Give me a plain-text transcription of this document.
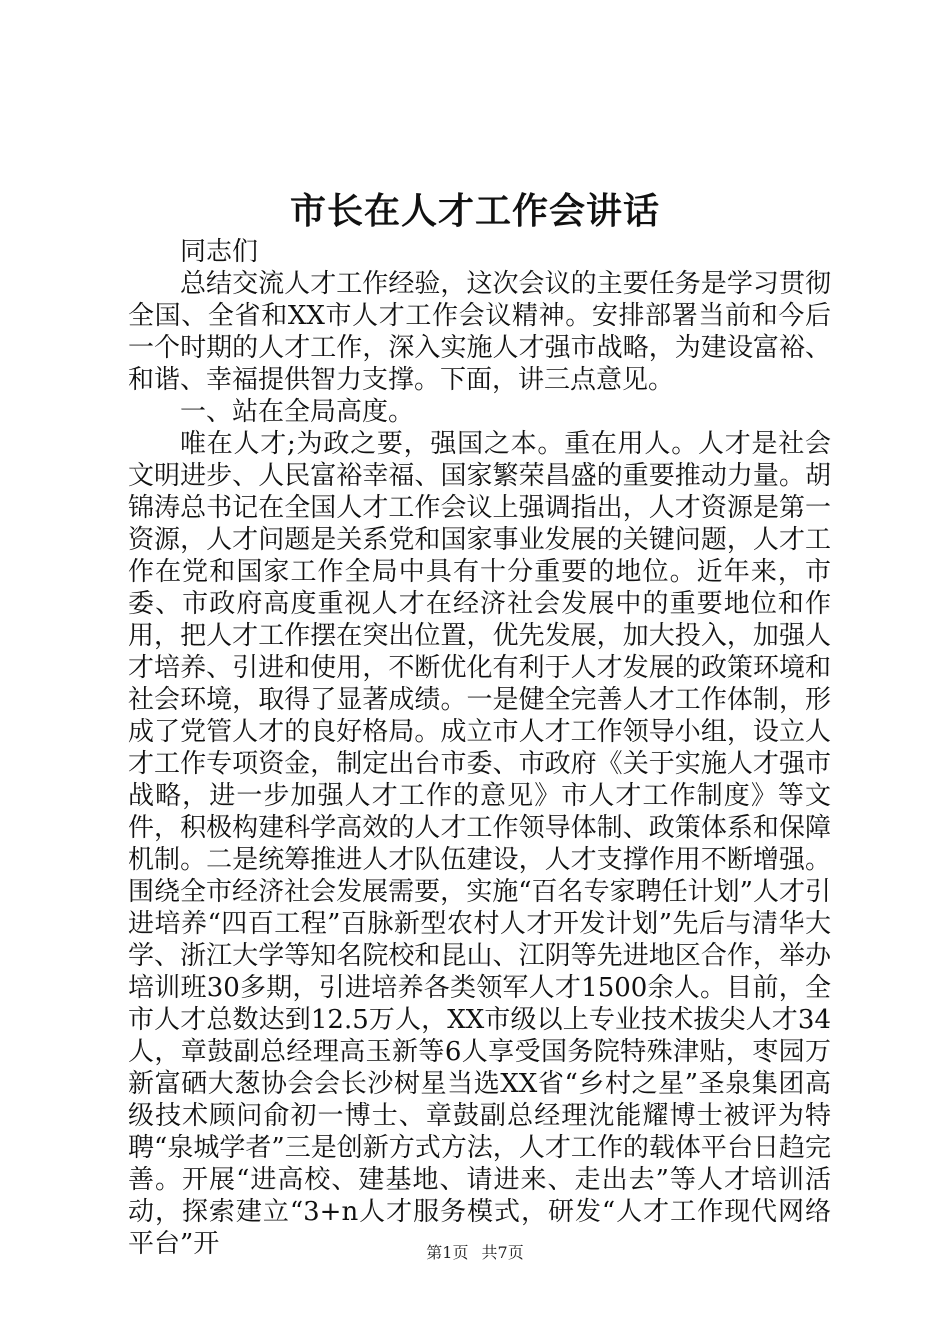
市长在人才工作会讲话

同志们

总结交流人才工作经验，这次会议的主要任务是学习贯彻全国、全省和XX市人才工作会议精神。安排部署当前和今后一个时期的人才工作，深入实施人才强市战略，为建设富裕、和谐、幸福提供智力支撑。下面，讲三点意见。

一、站在全局高度。

唯在人才;为政之要，强国之本。重在用人。人才是社会文明进步、人民富裕幸福、国家繁荣昌盛的重要推动力量。胡锦涛总书记在全国人才工作会议上强调指出，人才资源是第一资源，人才问题是关系党和国家事业发展的关键问题，人才工作在党和国家工作全局中具有十分重要的地位。近年来，市委、市政府高度重视人才在经济社会发展中的重要地位和作用，把人才工作摆在突出位置，优先发展，加大投入，加强人才培养、引进和使用，不断优化有利于人才发展的政策环境和社会环境，取得了显著成绩。一是健全完善人才工作体制，形成了党管人才的良好格局。成立市人才工作领导小组，设立人才工作专项资金，制定出台市委、市政府《关于实施人才强市战略，进一步加强人才工作的意见》市人才工作制度》等文件，积极构建科学高效的人才工作领导体制、政策体系和保障机制。二是统筹推进人才队伍建设，人才支撑作用不断增强。围绕全市经济社会发展需要，实施“百名专家聘任计划”人才引进培养“四百工程”百脉新型农村人才开发计划”先后与清华大学、浙江大学等知名院校和昆山、江阴等先进地区合作，举办培训班30多期，引进培养各类领军人才1500余人。目前，全市人才总数达到12.5万人，XX市级以上专业技术拔尖人才34人，章鼓副总经理高玉新等6人享受国务院特殊津贴，枣园万新富硒大葱协会会长沙树星当选XX省“乡村之星”圣泉集团高级技术顾问俞初一博士、章鼓副总经理沈能耀博士被评为特聘“泉城学者”三是创新方式方法，人才工作的载体平台日趋完善。开展“进高校、建基地、请进来、走出去”等人才培训活动，探索建立“3+n人才服务模式，研发“人才工作现代网络平台”开	第1页 共7页
